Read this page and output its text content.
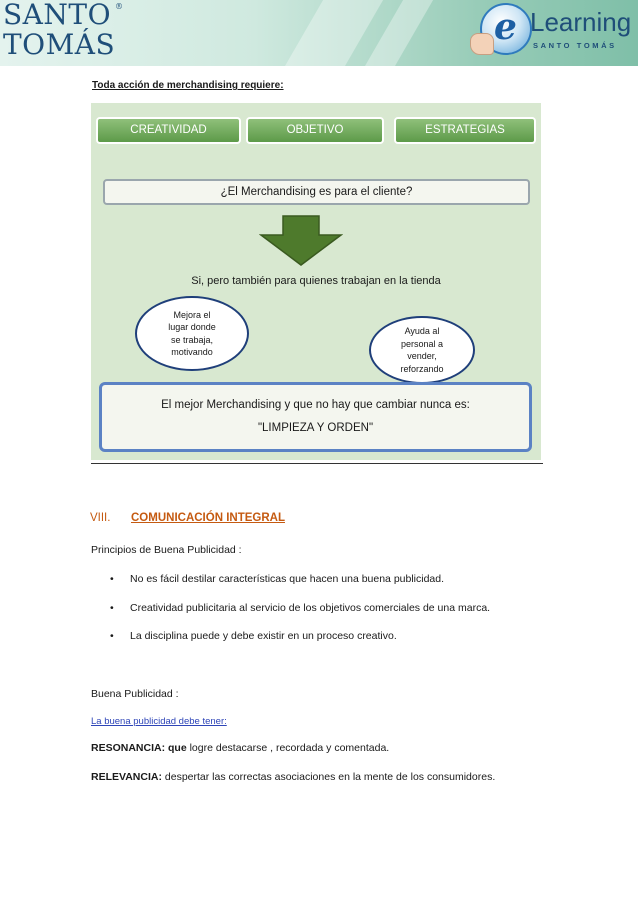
SANTO
TOMÁS
®	e Learning
SANTO TOMÁS
Toda acción de merchandising requiere:
CREATIVIDAD	OBJETIVO	ESTRATEGIAS
¿El Merchandising es para el cliente?
Si, pero también para quienes trabajan en la tienda
Mejora el
lugar donde
se trabaja,
motivando
Ayuda al
personal a
vender,
reforzando
El mejor Merchandising y que no hay que cambiar nunca es:
"LIMPIEZA Y ORDEN"
VIII. COMUNICACIÓN INTEGRAL
Principios de Buena Publicidad :
• No es fácil destilar características que hacen una buena publicidad.
• Creatividad publicitaria al servicio de los objetivos comerciales de una marca.
• La disciplina puede y debe existir en un proceso creativo.
Buena Publicidad :
La buena publicidad debe tener:
RESONANCIA: que logre destacarse , recordada y comentada.
RELEVANCIA: despertar las correctas asociaciones en la mente de los consumidores.
